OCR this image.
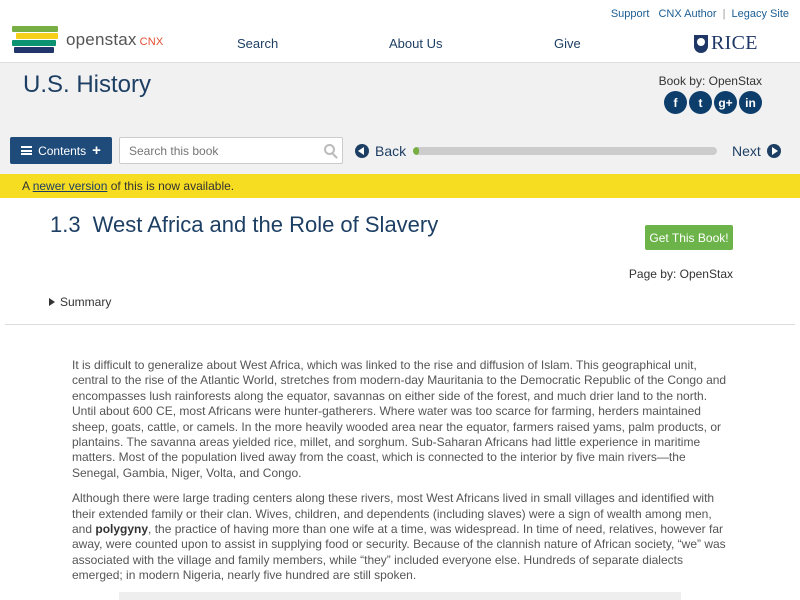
Support CNX Author | Legacy Site
openstax CNX	Search	About Us	Give	RICE
U.S. History	Book by: OpenStax
f	t	g+	in
Contents +
Search this book	Back	Next
A newer version of this is now available.
1.3 West Africa and the Role of Slavery
Get This Book!
Page by: OpenStax
Summary

It is difficult to generalize about West Africa, which was linked to the rise and diffusion of Islam. This geographical unit, central to the rise of the Atlantic World, stretches from modern-day Mauritania to the Democratic Republic of the Congo and encompasses lush rainforests along the equator, savannas on either side of the forest, and much drier land to the north. Until about 600 CE, most Africans were hunter-gatherers. Where water was too scarce for farming, herders maintained sheep, goats, cattle, or camels. In the more heavily wooded area near the equator, farmers raised yams, palm products, or plantains. The savanna areas yielded rice, millet, and sorghum. Sub-Saharan Africans had little experience in maritime matters. Most of the population lived away from the coast, which is connected to the interior by five main rivers—the Senegal, Gambia, Niger, Volta, and Congo.

Although there were large trading centers along these rivers, most West Africans lived in small villages and identified with their extended family or their clan. Wives, children, and dependents (including slaves) were a sign of wealth among men, and polygyny, the practice of having more than one wife at a time, was widespread. In time of need, relatives, however far away, were counted upon to assist in supplying food or security. Because of the clannish nature of African society, “we” was associated with the village and family members, while “they” included everyone else. Hundreds of separate dialects emerged; in modern Nigeria, nearly five hundred are still spoken.
